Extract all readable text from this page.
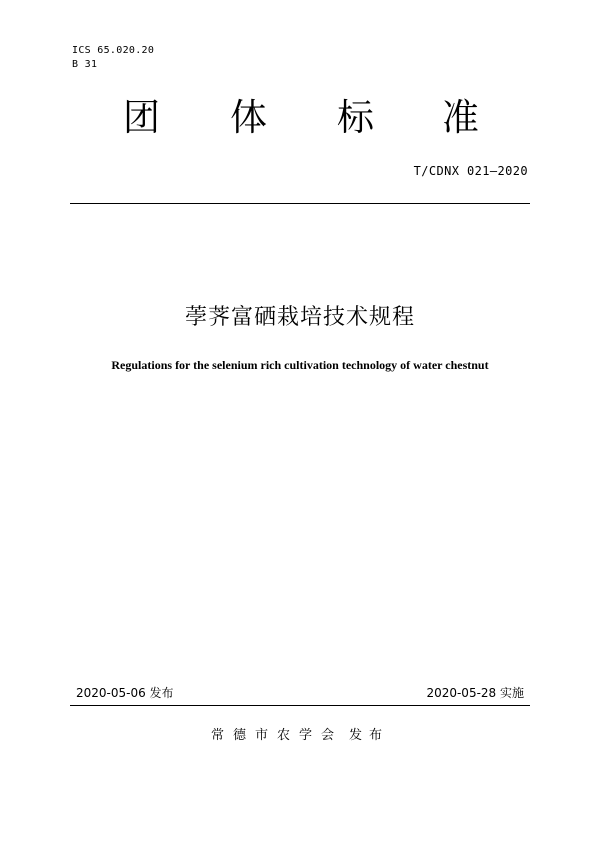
ICS 65.020.20
B 31
团 体 标 准
T/CDNX 021—2020
荸荠富硒栽培技术规程
Regulations for the selenium rich cultivation technology of water chestnut
2020-05-06 发布	2020-05-28 实施
常德市农学会 发布
